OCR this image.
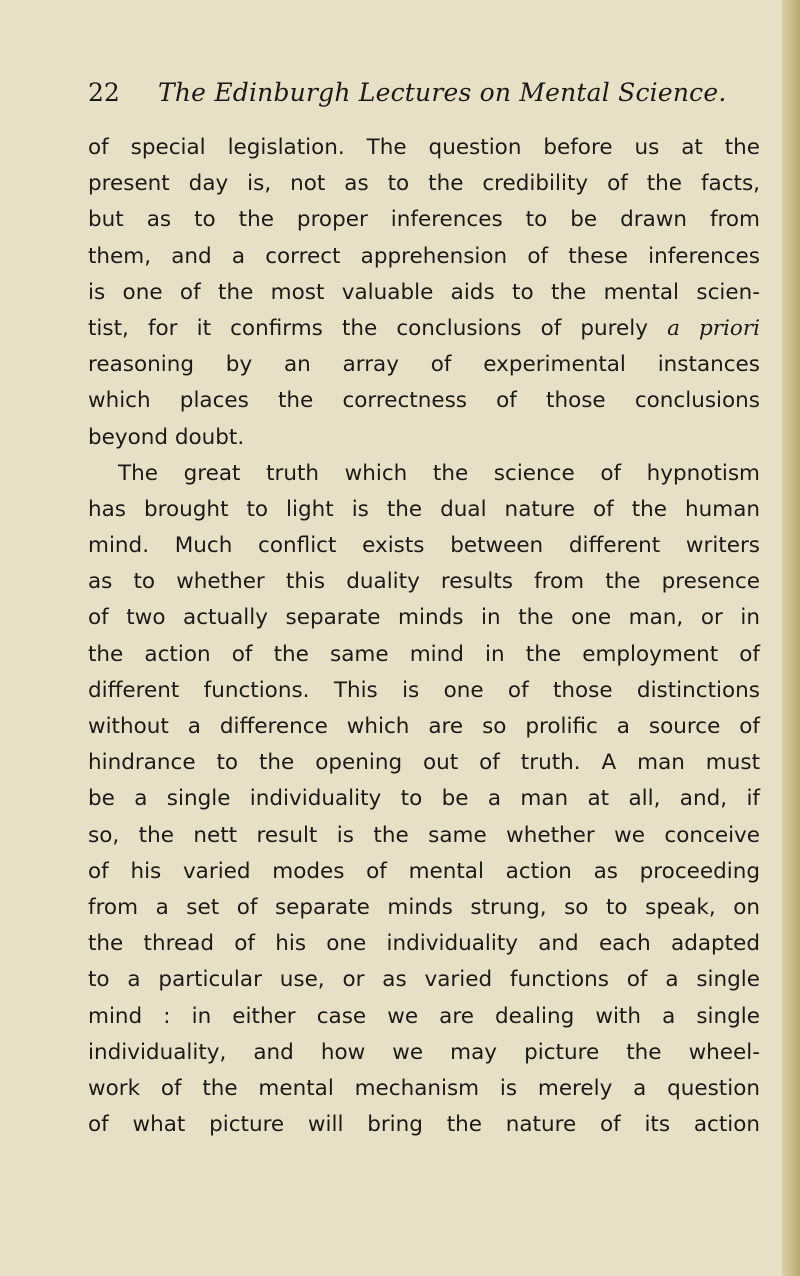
22 The Edinburgh Lectures on Mental Science.
of special legislation. The question before us at the
present day is, not as to the credibility of the facts,
but as to the proper inferences to be drawn from
them, and a correct apprehension of these inferences
is one of the most valuable aids to the mental scien-
tist, for it confirms the conclusions of purely a priori
reasoning by an array of experimental instances
which places the correctness of those conclusions
beyond doubt.
The great truth which the science of hypnotism
has brought to light is the dual nature of the human
mind. Much conflict exists between different writers
as to whether this duality results from the presence
of two actually separate minds in the one man, or in
the action of the same mind in the employment of
different functions. This is one of those distinctions
without a difference which are so prolific a source of
hindrance to the opening out of truth. A man must
be a single individuality to be a man at all, and, if
so, the nett result is the same whether we conceive
of his varied modes of mental action as proceeding
from a set of separate minds strung, so to speak, on
the thread of his one individuality and each adapted
to a particular use, or as varied functions of a single
mind : in either case we are dealing with a single
individuality, and how we may picture the wheel-
work of the mental mechanism is merely a question
of what picture will bring the nature of its action
